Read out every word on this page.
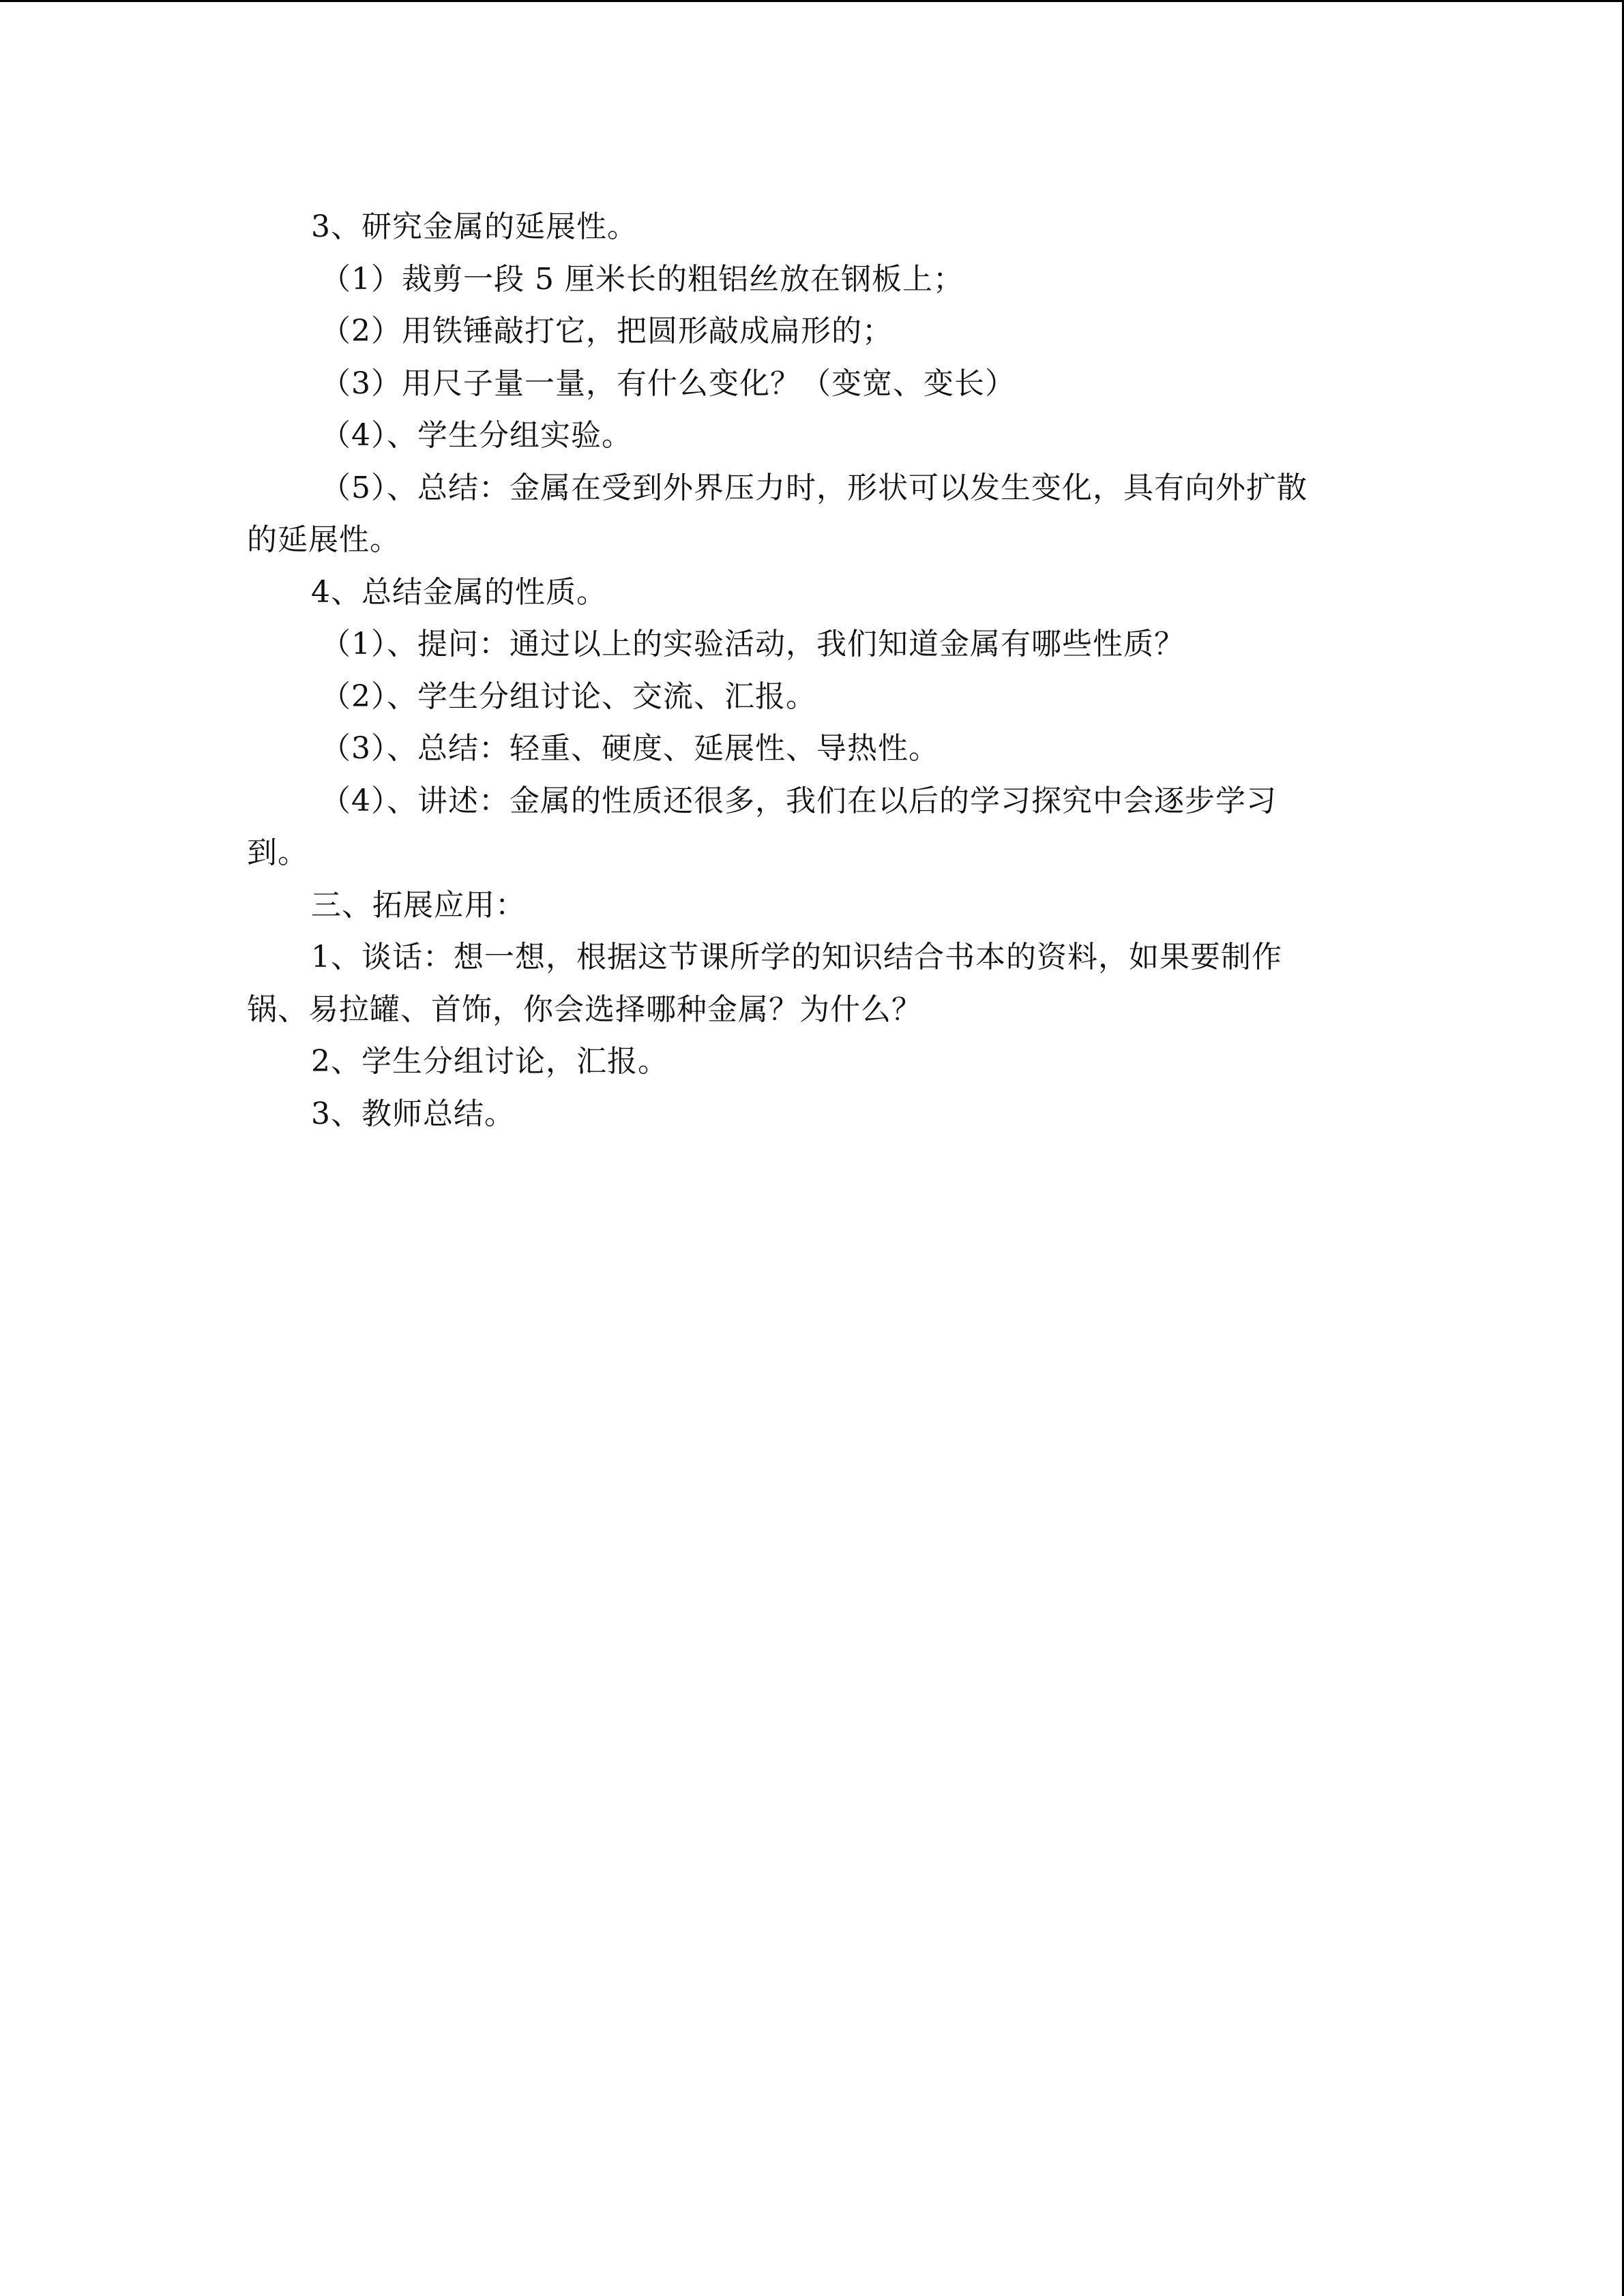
3、研究金属的延展性。
（1）裁剪一段 5 厘米长的粗铝丝放在钢板上；
（2）用铁锤敲打它，把圆形敲成扁形的；
（3）用尺子量一量，有什么变化？（变宽、变长）
（4）、学生分组实验。
（5）、总结：金属在受到外界压力时，形状可以发生变化，具有向外扩散
的延展性。
4、总结金属的性质。
（1）、提问：通过以上的实验活动，我们知道金属有哪些性质？
（2）、学生分组讨论、交流、汇报。
（3）、总结：轻重、硬度、延展性、导热性。
（4）、讲述：金属的性质还很多，我们在以后的学习探究中会逐步学习
到。
三、拓展应用：
1、谈话：想一想，根据这节课所学的知识结合书本的资料，如果要制作
锅、易拉罐、首饰，你会选择哪种金属？为什么？
2、学生分组讨论，汇报。
3、教师总结。
